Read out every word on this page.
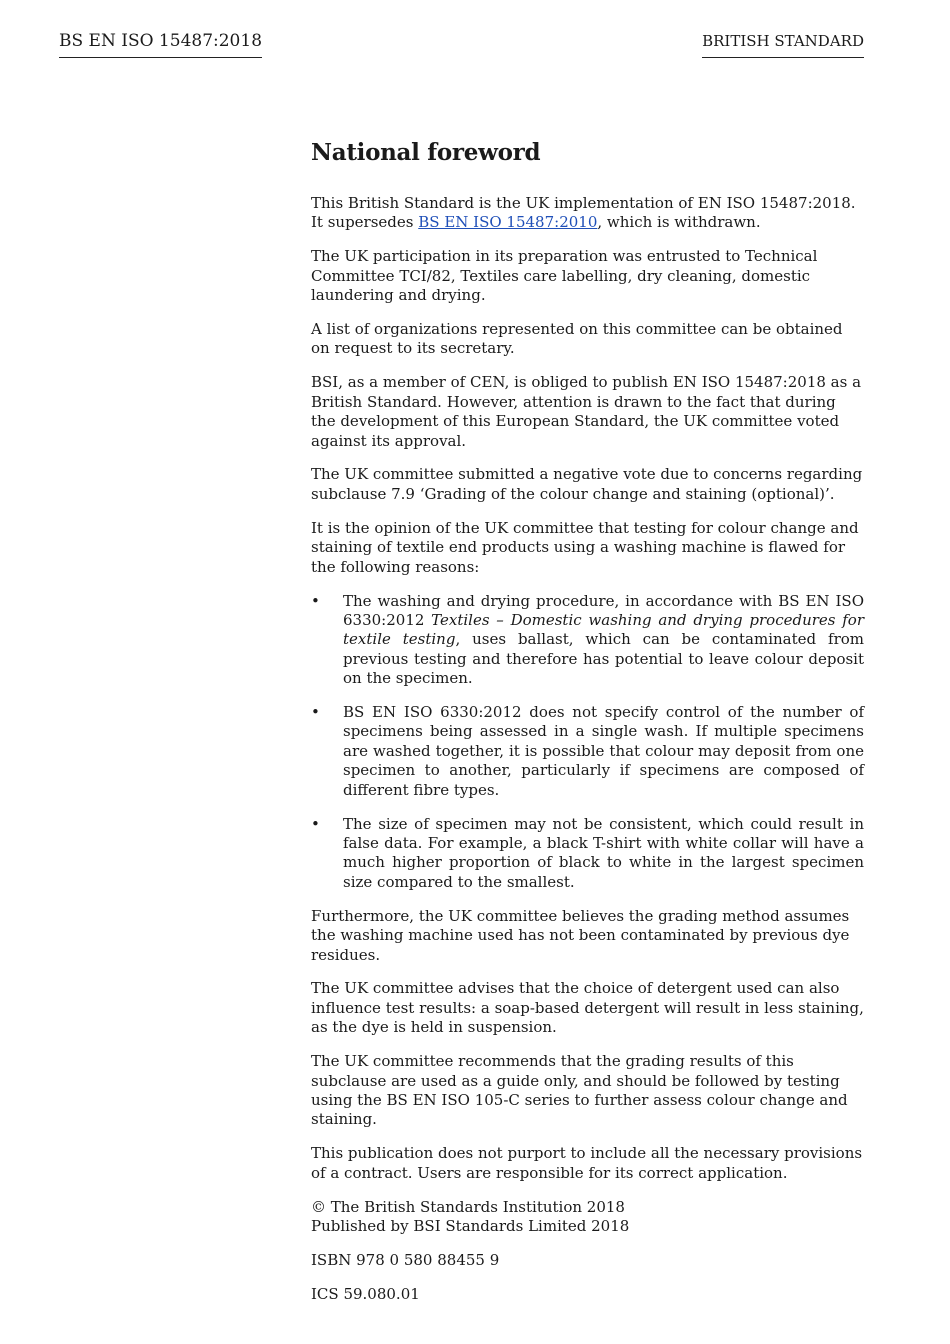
BS EN ISO 15487:2018	BRITISH STANDARD
National foreword

This British Standard is the UK implementation of EN ISO 15487:2018. It supersedes BS EN ISO 15487:2010, which is withdrawn.

The UK participation in its preparation was entrusted to Technical Committee TCI/82, Textiles care labelling, dry cleaning, domestic laundering and drying.

A list of organizations represented on this committee can be obtained on request to its secretary.

BSI, as a member of CEN, is obliged to publish EN ISO 15487:2018 as a British Standard. However, attention is drawn to the fact that during the development of this European Standard, the UK committee voted against its approval.

The UK committee submitted a negative vote due to concerns regarding subclause 7.9 ‘Grading of the colour change and staining (optional)’.

It is the opinion of the UK committee that testing for colour change and staining of textile end products using a washing machine is flawed for the following reasons:

• The washing and drying procedure, in accordance with BS EN ISO 6330:2012 Textiles – Domestic washing and drying procedures for textile testing, uses ballast, which can be contaminated from previous testing and therefore has potential to leave colour deposit on the specimen.
• BS EN ISO 6330:2012 does not specify control of the number of specimens being assessed in a single wash. If multiple specimens are washed together, it is possible that colour may deposit from one specimen to another, particularly if specimens are composed of different fibre types.
• The size of specimen may not be consistent, which could result in false data. For example, a black T-shirt with white collar will have a much higher proportion of black to white in the largest specimen size compared to the smallest.

Furthermore, the UK committee believes the grading method assumes the washing machine used has not been contaminated by previous dye residues.

The UK committee advises that the choice of detergent used can also influence test results: a soap-based detergent will result in less staining, as the dye is held in suspension.

The UK committee recommends that the grading results of this subclause are used as a guide only, and should be followed by testing using the BS EN ISO 105-C series to further assess colour change and staining.

This publication does not purport to include all the necessary provisions of a contract. Users are responsible for its correct application.

© The British Standards Institution 2018
Published by BSI Standards Limited 2018

ISBN 978 0 580 88455 9

ICS 59.080.01
